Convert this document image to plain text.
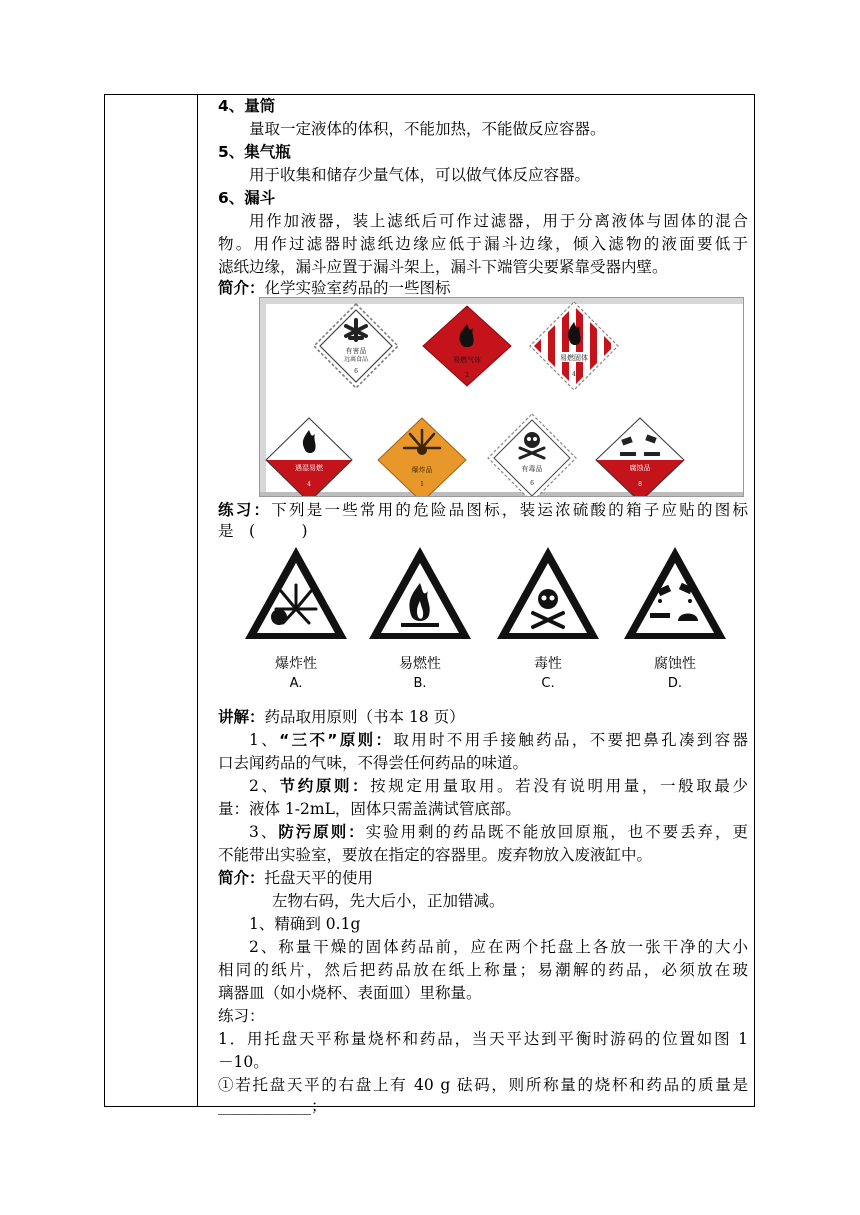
4、量筒
量取一定液体的体积，不能加热，不能做反应容器。
5、集气瓶
用于收集和储存少量气体，可以做气体反应容器。
6、漏斗
用作加液器，装上滤纸后可作过滤器，用于分离液体与固体的混合
物。用作过滤器时滤纸边缘应低于漏斗边缘，倾入滤物的液面要低于
滤纸边缘，漏斗应置于漏斗架上，漏斗下端管尖要紧靠受器内壁。
简介：化学实验室药品的一些图标
练习：下列是一些常用的危险品图标，装运浓硫酸的箱子应贴的图标
是　(　　　)
讲解：药品取用原则（书本 18 页）
1、“三不”原则：取用时不用手接触药品，不要把鼻孔凑到容器
口去闻药品的气味，不得尝任何药品的味道。
2、节约原则：按规定用量取用。若没有说明用量，一般取最少
量：液体 1-2mL，固体只需盖满试管底部。
3、防污原则：实验用剩的药品既不能放回原瓶，也不要丢弃，更
不能带出实验室，要放在指定的容器里。废弃物放入废液缸中。
简介：托盘天平的使用
左物右码，先大后小，正加错减。
1、精确到 0.1g
2、称量干燥的固体药品前，应在两个托盘上各放一张干净的大小
相同的纸片，然后把药品放在纸上称量；易潮解的药品，必须放在玻
璃器皿（如小烧杯、表面皿）里称量。
练习：
1．用托盘天平称量烧杯和药品，当天平达到平衡时游码的位置如图 1
－10。
①若托盘天平的右盘上有 40 g 砝码，则所称量的烧杯和药品的质量是
____________；
有害品
远离食品
6
易燃气体
2
易燃固体
4
遇湿易燃
4
爆炸品
1
有毒品
6
腐蚀品
8
爆炸性
A.
易燃性
B.
毒性
C.
腐蚀性
D.
